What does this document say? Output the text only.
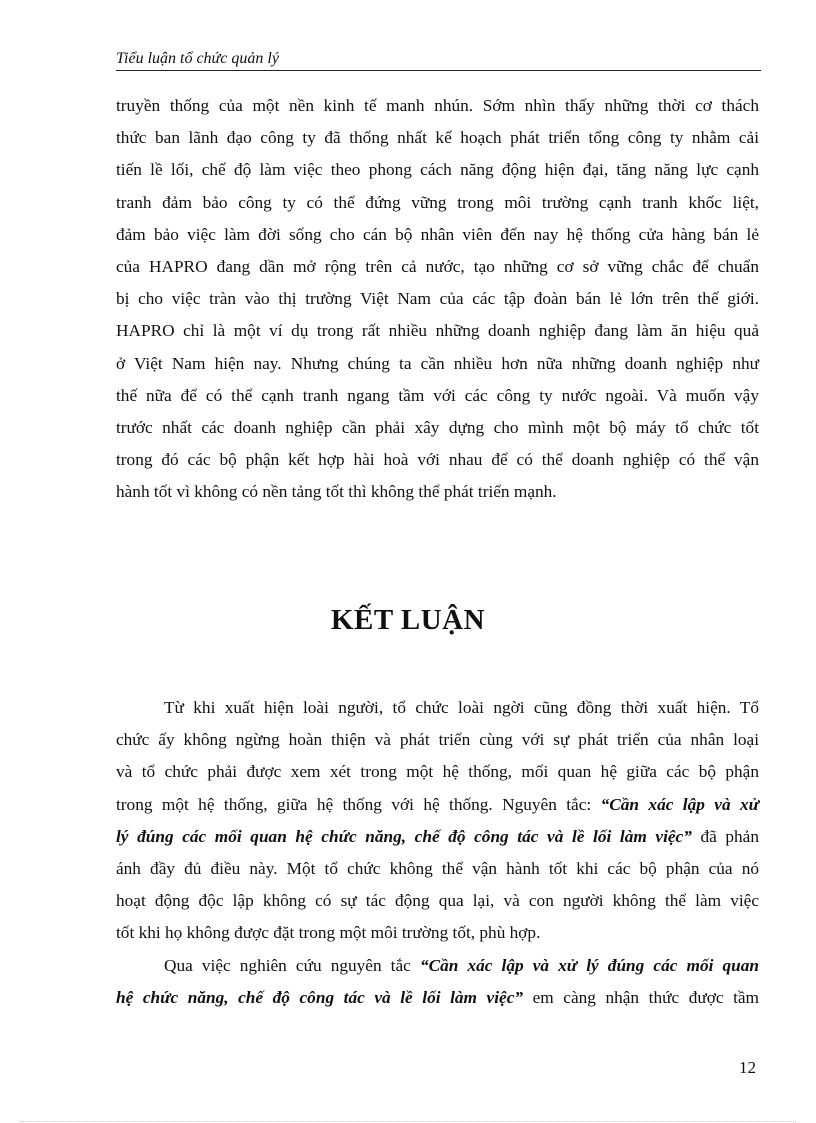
Tiểu luận tổ chức quản lý
truyền thống của một nền kinh tế manh nhún. Sớm nhìn thấy những thời cơ thách
thức ban lãnh đạo công ty đã thống nhất kế hoạch phát triển tổng công ty nhằm cải
tiến lề lối, chế độ làm việc theo phong cách năng động hiện đại, tăng năng lực cạnh
tranh đảm bảo công ty có thể đứng vững trong môi trường cạnh tranh khốc liệt,
đảm bảo việc làm đời sống cho cán bộ nhân viên đến nay hệ thống cửa hàng bán lẻ
của HAPRO đang dần mở rộng trên cả nước, tạo những cơ sở vững chắc để chuẩn
bị cho việc tràn vào thị trường Việt Nam của các tập đoàn bán lẻ lớn trên thế giới.
HAPRO chỉ là một ví dụ trong rất nhiều những doanh nghiệp đang làm ăn hiệu quả
ở Việt Nam hiện nay. Nhưng chúng ta cần nhiều hơn nữa những doanh nghiệp như
thế nữa để có thể cạnh tranh ngang tầm với các công ty nước ngoài. Và muốn vậy
trước nhất các doanh nghiệp cần phải xây dựng cho mình một bộ máy tổ chức tốt
trong đó các bộ phận kết hợp hài hoà với nhau để có thể doanh nghiệp có thể vận
hành tốt vì không có nền tảng tốt thì không thể phát triển mạnh.
KẾT LUẬN
Từ khi xuất hiện loài người, tổ chức loài ngời cũng đồng thời xuất hiện. Tổ
chức ấy không ngừng hoàn thiện và phát triển cùng với sự phát triển của nhân loại
và tổ chức phải được xem xét trong một hệ thống, mối quan hệ giữa các bộ phận
trong một hệ thống, giữa hệ thống với hệ thống. Nguyên tắc: “Cần xác lập và xử
lý đúng các mối quan hệ chức năng, chế độ công tác và lề lối làm việc” đã phản
ánh đầy đủ điều này. Một tổ chức không thể vận hành tốt khi các bộ phận của nó
hoạt động độc lập không có sự tác động qua lại, và con người không thể làm việc
tốt khi họ không được đặt trong một môi trường tốt, phù hợp.
Qua việc nghiên cứu nguyên tắc “Cần xác lập và xử lý đúng các mối quan
hệ chức năng, chế độ công tác và lề lối làm việc” em càng nhận thức được tầm
12
